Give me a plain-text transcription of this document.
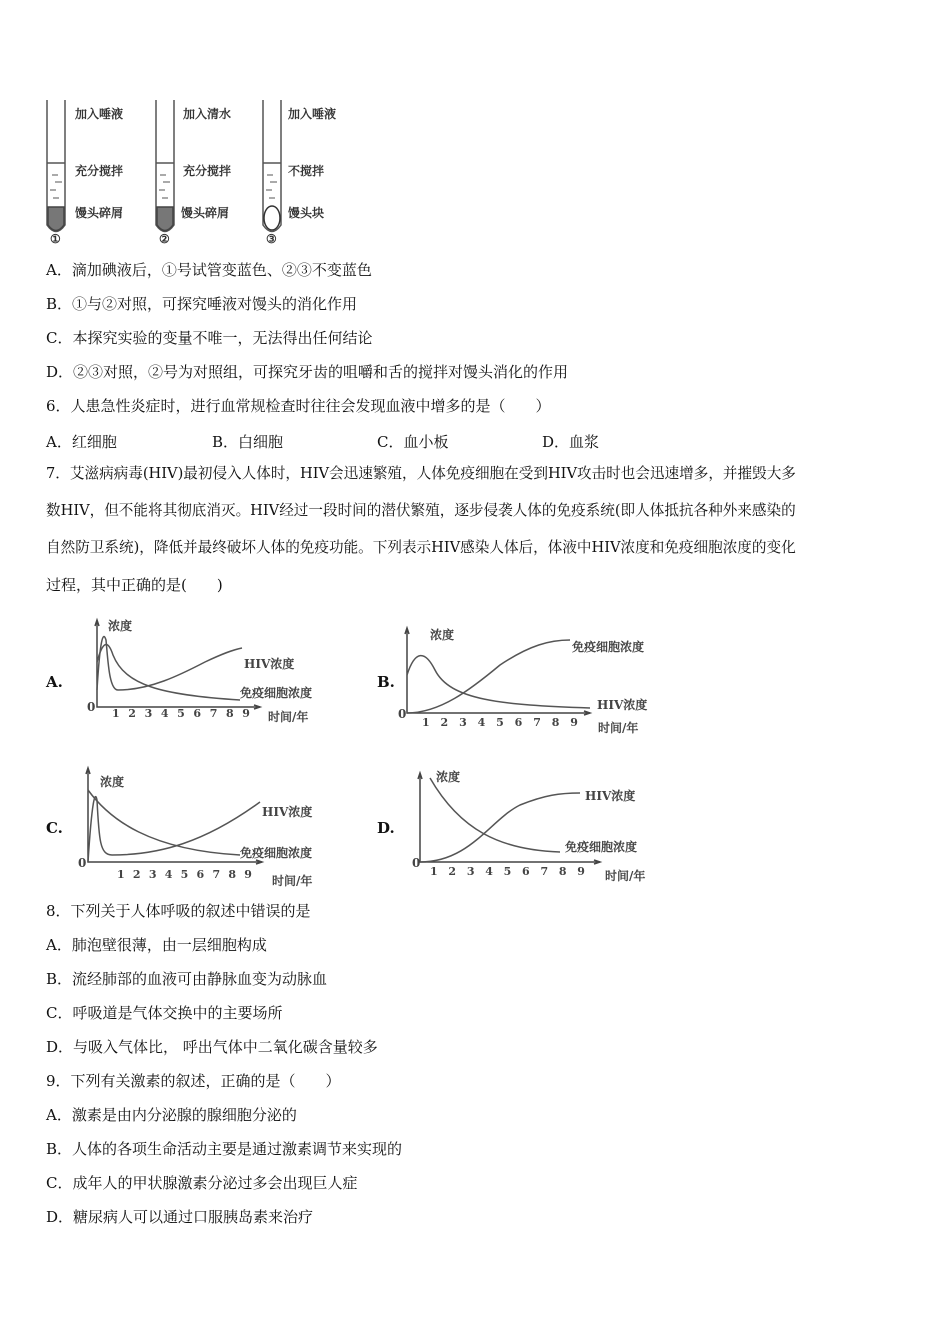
加入唾液
充分搅拌
馒头碎屑
①
加入清水
充分搅拌
馒头碎屑
②
加入唾液
不搅拌
馒头块
③
A．滴加碘液后，①号试管变蓝色、②③不变蓝色
B．①与②对照，可探究唾液对馒头的消化作用
C．本探究实验的变量不唯一，无法得出任何结论
D．②③对照，②号为对照组，可探究牙齿的咀嚼和舌的搅拌对馒头消化的作用
6．人患急性炎症时，进行血常规检查时往往会发现血液中增多的是（　　）
A．红细胞	B．白细胞	C．血小板	D．血浆
7．艾滋病病毒(HIV)最初侵入人体时，HIV会迅速繁殖，人体免疫细胞在受到HIV攻击时也会迅速增多，并摧毁大多
数HIV，但不能将其彻底消灭。HIV经过一段时间的潜伏繁殖，逐步侵袭人体的免疫系统(即人体抵抗各种外来感染的
自然防卫系统)，降低并最终破坏人体的免疫功能。下列表示HIV感染人体后，体液中HIV浓度和免疫细胞浓度的变化
过程，其中正确的是(　　)
A.
浓度
0 1 2 3 4 5 6 7 8 9 时间/年
HIV浓度
免疫细胞浓度
B.
浓度
0
1 2 3 4 5 6 7 8 9 时间/年
HIV浓度
免疫细胞浓度
C.
浓度
0
1 2 3 4 5 6 7 8 9 时间/年
HIV浓度
免疫细胞浓度
D.
浓度
0
1 2 3 4 5 6 7 8 9 时间/年
HIV浓度
免疫细胞浓度
8．下列关于人体呼吸的叙述中错误的是
A．肺泡壁很薄，由一层细胞构成
B．流经肺部的血液可由静脉血变为动脉血
C．呼吸道是气体交换中的主要场所
D．与吸入气体比， 呼出气体中二氧化碳含量较多
9．下列有关激素的叙述，正确的是（　　）
A．激素是由内分泌腺的腺细胞分泌的
B．人体的各项生命活动主要是通过激素调节来实现的
C．成年人的甲状腺激素分泌过多会出现巨人症
D．糖尿病人可以通过口服胰岛素来治疗
